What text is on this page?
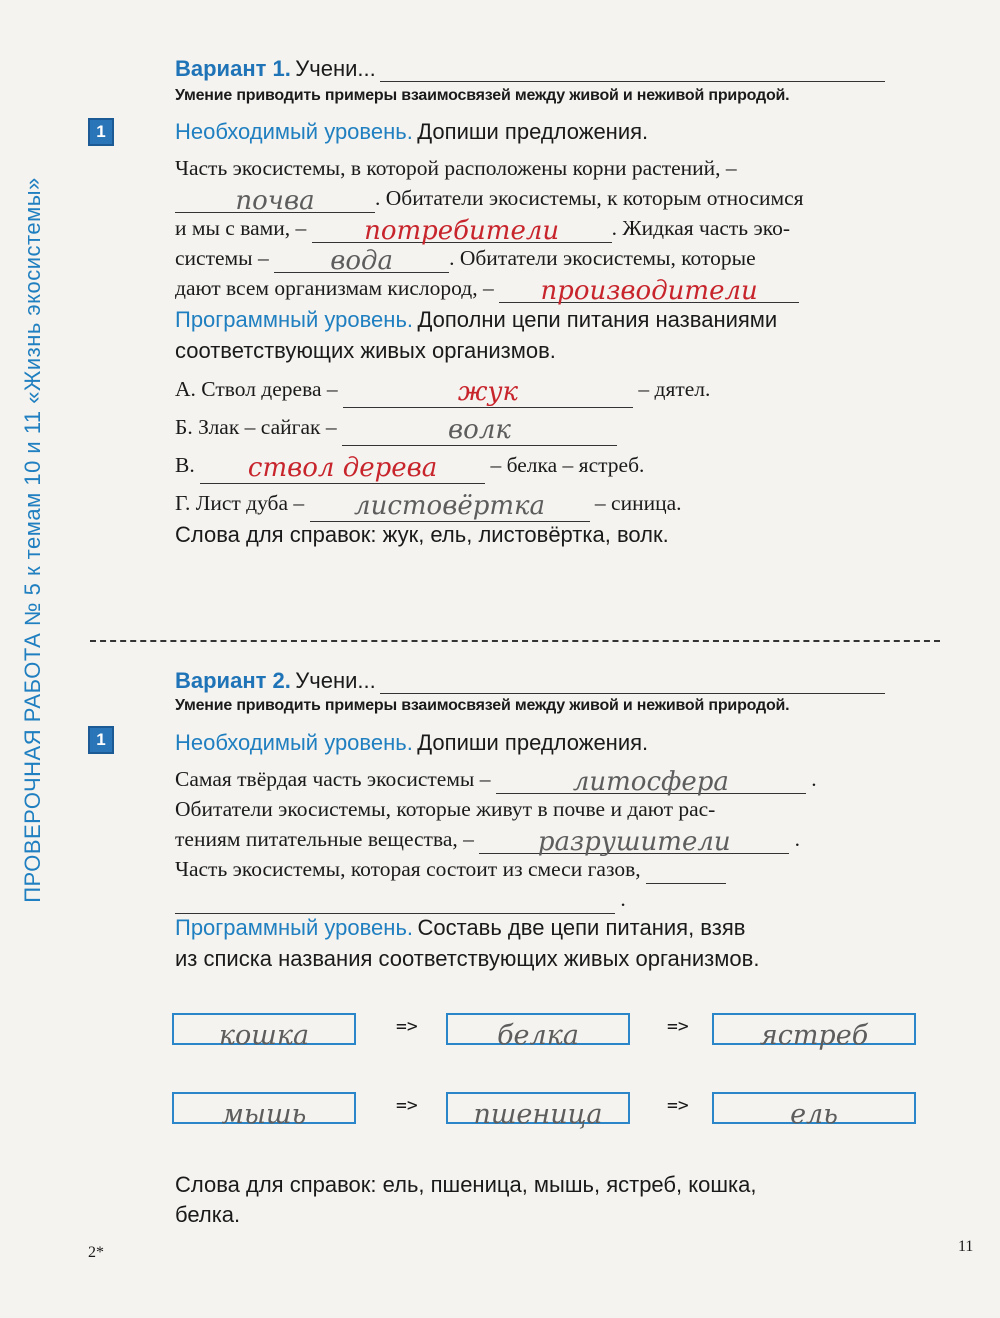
ПРОВЕРОЧНАЯ РАБОТА № 5 к темам 10 и 11 «Жизнь экосистемы»
Вариант 1. Учени...
Умение приводить примеры взаимосвязей между живой и неживой природой.
1	Необходимый уровень. Допиши предложения.
Часть экосистемы, в которой расположены корни растений, –
почва	. Обитатели экосистемы, к которым относимся
и мы с вами, –	потребители	. Жидкая часть эко-
системы –	вода	. Обитатели экосистемы, которые
дают всем организмам кислород, –	производители
Программный уровень. Дополни цепи питания названиями
соответствующих живых организмов.
А. Ствол дерева –	жук	– дятел.
Б. Злак – сайгак –	волк
В.	ствол дерева	– белка – ястреб.
Г. Лист дуба –	листовёртка	– синица.
Слова для справок: жук, ель, листовёртка, волк.
Вариант 2. Учени...
Умение приводить примеры взаимосвязей между живой и неживой природой.
1	Необходимый уровень. Допиши предложения.
Самая твёрдая часть экосистемы –	литосфера	.
Обитатели экосистемы, которые живут в почве и дают рас-
тениям питательные вещества, –	разрушители	.
Часть экосистемы, которая состоит из смеси газов,
.
Программный уровень. Составь две цепи питания, взяв
из списка названия соответствующих живых организмов.
кошка	=>	белка	=>	ястреб
мышь	=>	пшеница	=>	ель
Слова для справок: ель, пшеница, мышь, ястреб, кошка,
белка.
2*	11
